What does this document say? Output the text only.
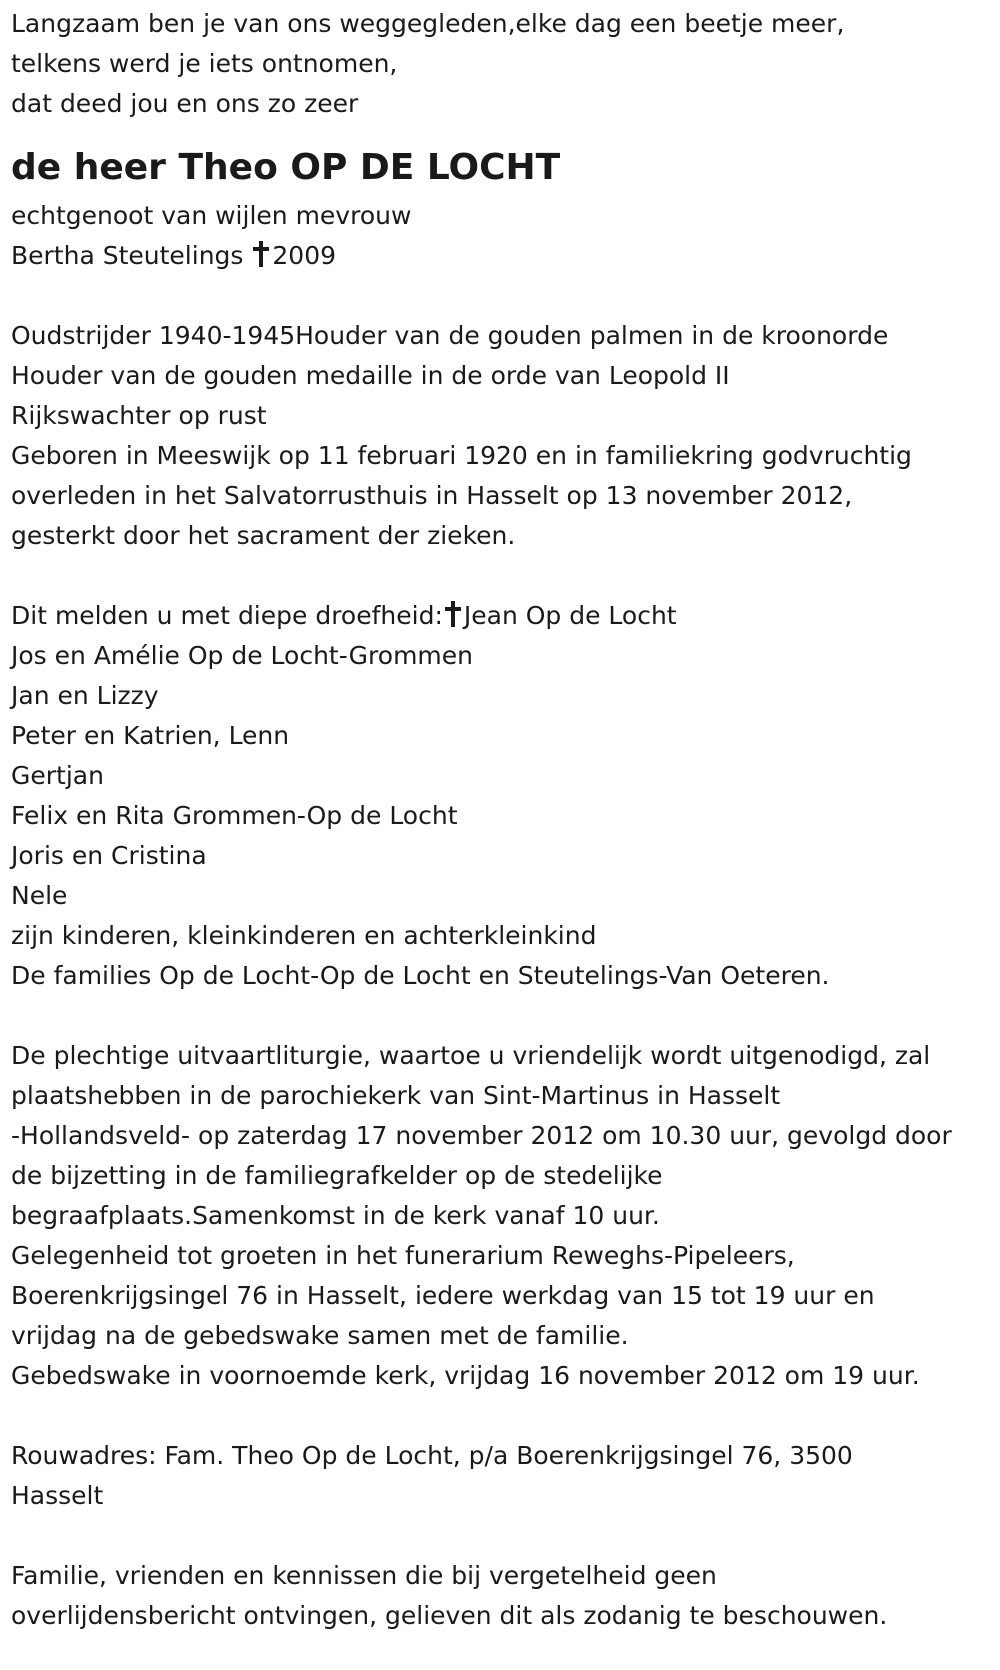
Langzaam ben je van ons weggegleden,elke dag een beetje meer,
telkens werd je iets ontnomen,
dat deed jou en ons zo zeer
de heer Theo OP DE LOCHT
echtgenoot van wijlen mevrouw
Bertha Steutelings 2009
Oudstrijder 1940-1945Houder van de gouden palmen in de kroonorde
Houder van de gouden medaille in de orde van Leopold II
Rijkswachter op rust
Geboren in Meeswijk op 11 februari 1920 en in familiekring godvruchtig
overleden in het Salvatorrusthuis in Hasselt op 13 november 2012,
gesterkt door het sacrament der zieken.
Dit melden u met diepe droefheid: Jean Op de Locht
Jos en Amélie Op de Locht-Grommen
Jan en Lizzy
Peter en Katrien, Lenn
Gertjan
Felix en Rita Grommen-Op de Locht
Joris en Cristina
Nele
zijn kinderen, kleinkinderen en achterkleinkind
De families Op de Locht-Op de Locht en Steutelings-Van Oeteren.
De plechtige uitvaartliturgie, waartoe u vriendelijk wordt uitgenodigd, zal
plaatshebben in de parochiekerk van Sint-Martinus in Hasselt
-Hollandsveld- op zaterdag 17 november 2012 om 10.30 uur, gevolgd door
de bijzetting in de familiegrafkelder op de stedelijke
begraafplaats.Samenkomst in de kerk vanaf 10 uur.
Gelegenheid tot groeten in het funerarium Reweghs-Pipeleers,
Boerenkrijgsingel 76 in Hasselt, iedere werkdag van 15 tot 19 uur en
vrijdag na de gebedswake samen met de familie.
Gebedswake in voornoemde kerk, vrijdag 16 november 2012 om 19 uur.
Rouwadres: Fam. Theo Op de Locht, p/a Boerenkrijgsingel 76, 3500
Hasselt
Familie, vrienden en kennissen die bij vergetelheid geen
overlijdensbericht ontvingen, gelieven dit als zodanig te beschouwen.
